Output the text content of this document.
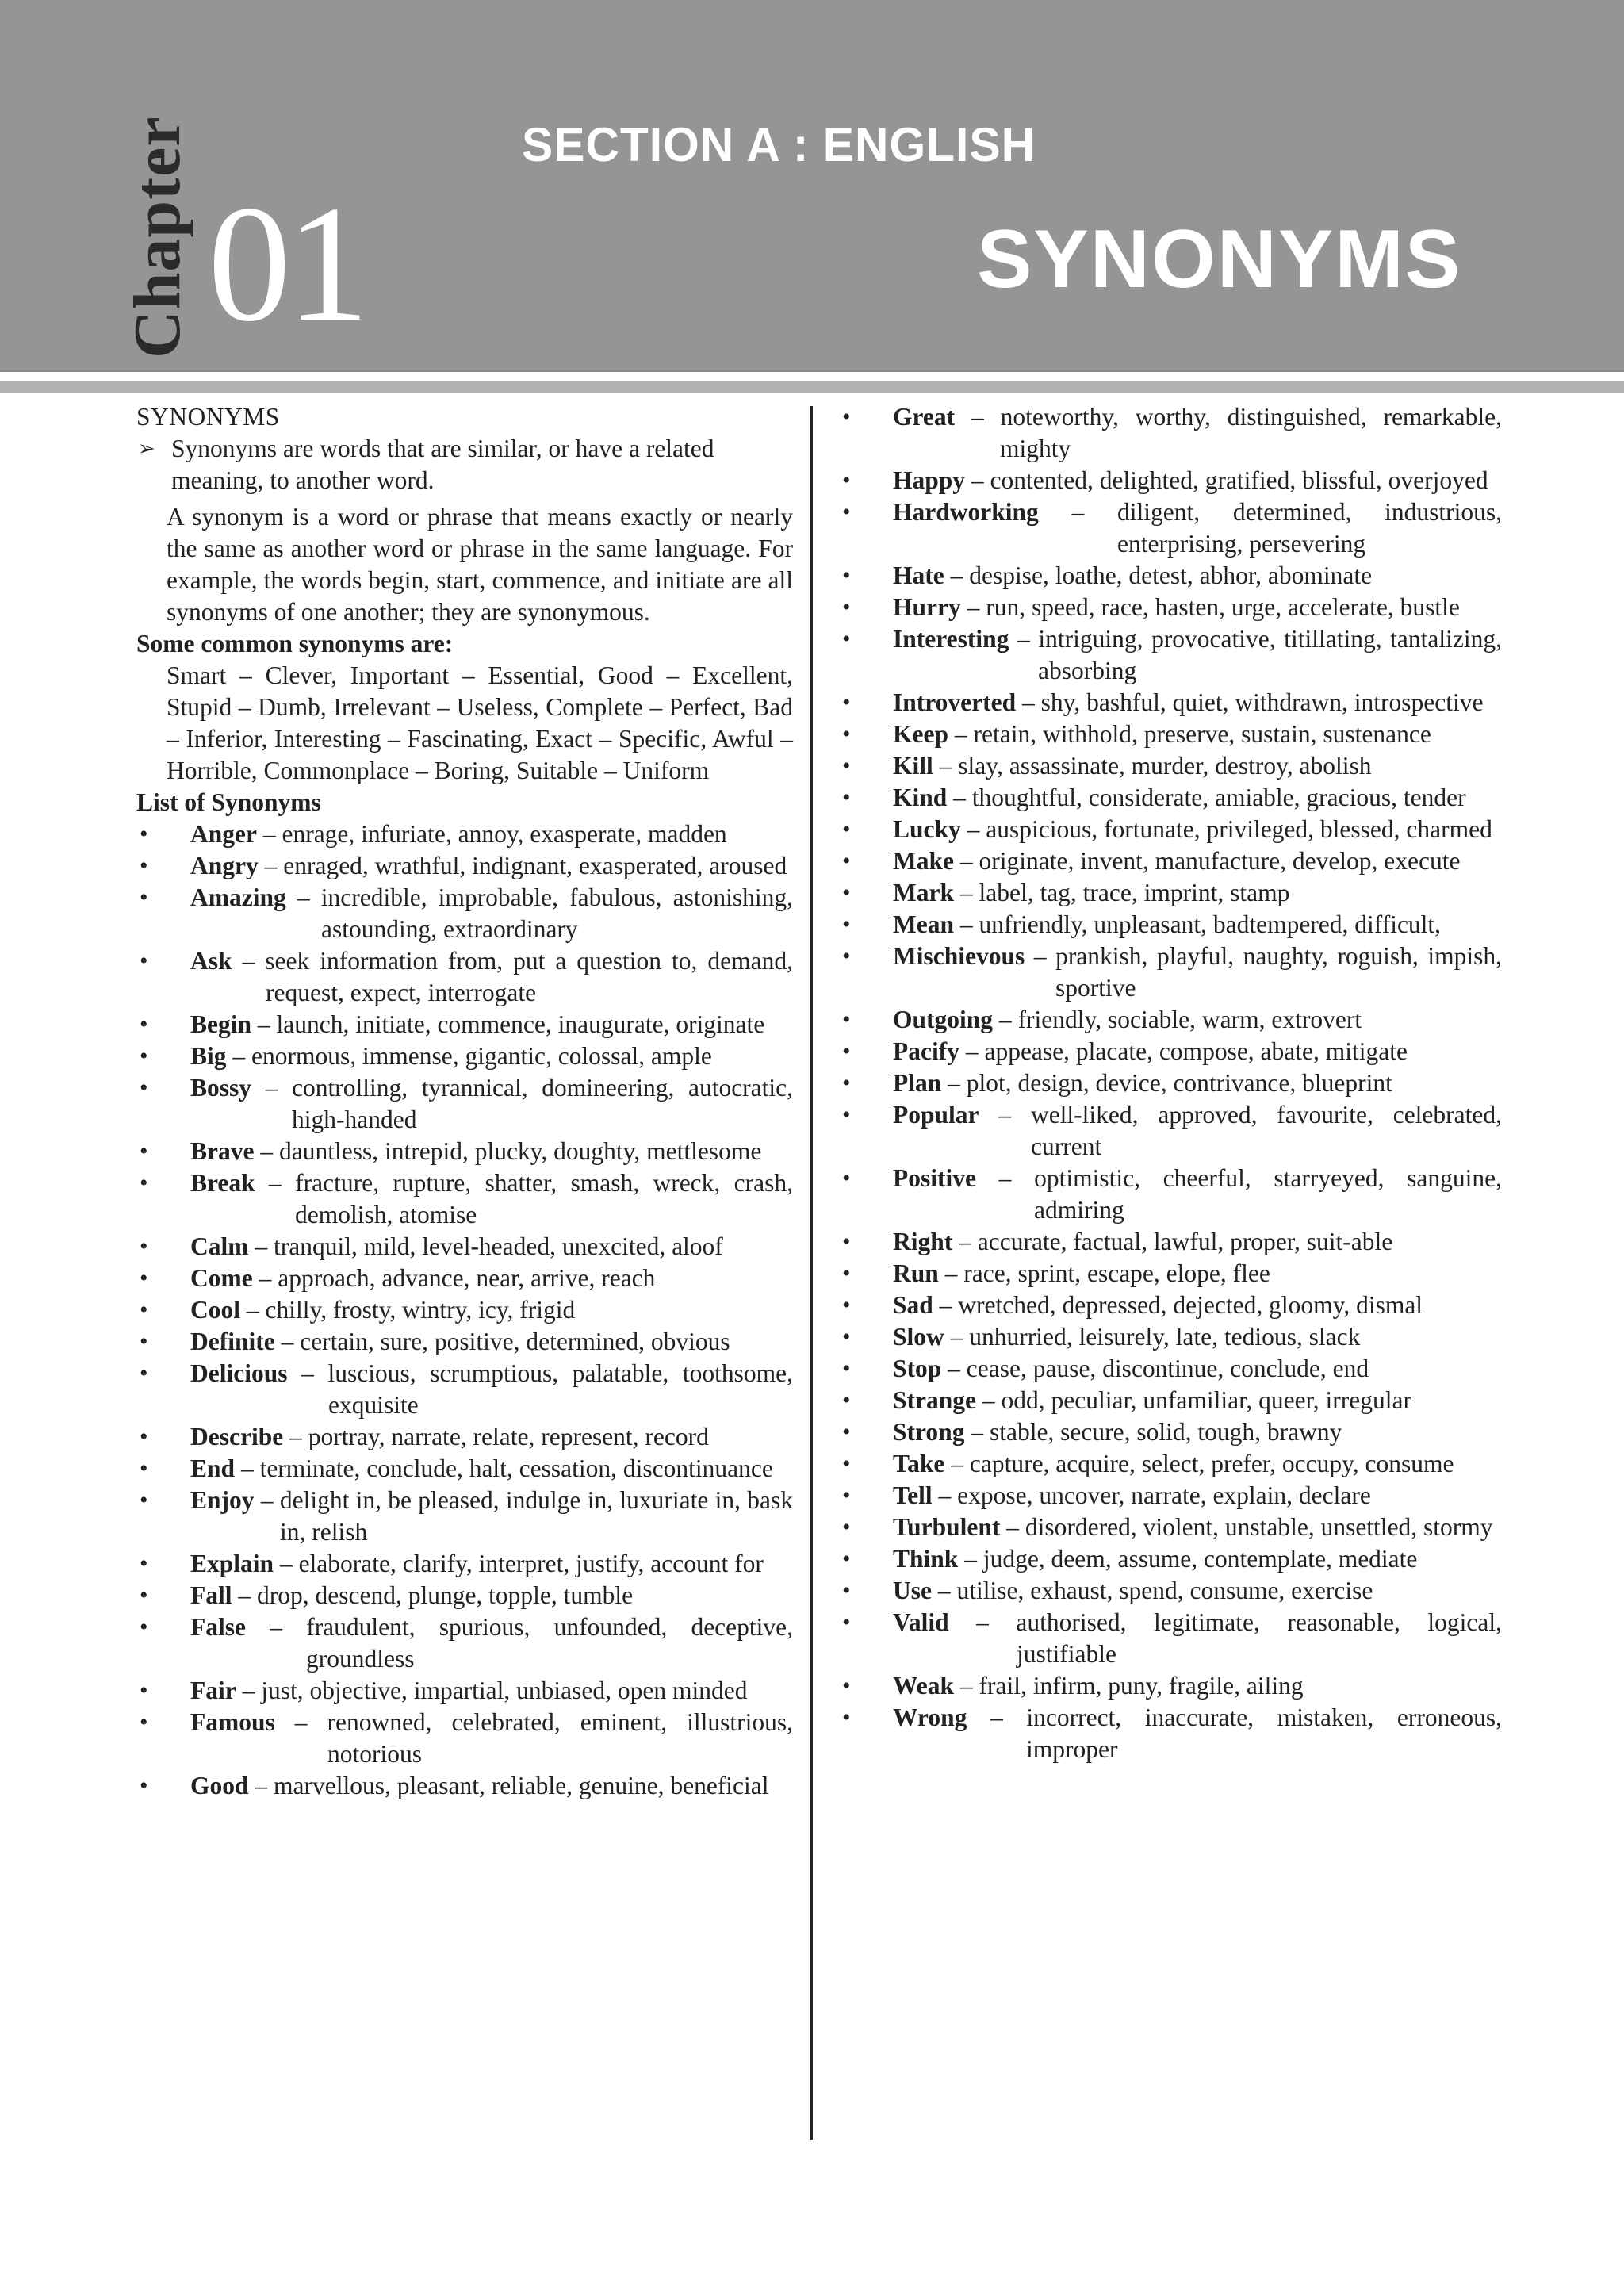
SECTION A : ENGLISH
Chapter 01	SYNONYMS
SYNONYMS
➢ Synonyms are words that are similar, or have a related meaning, to another word.
A synonym is a word or phrase that means exactly or nearly the same as another word or phrase in the same language. For example, the words begin, start, commence, and initiate are all synonyms of one another; they are synonymous.
Some common synonyms are:
Smart – Clever, Important – Essential, Good – Excellent, Stupid – Dumb, Irrelevant – Useless, Complete – Perfect, Bad – Inferior, Interesting – Fascinating, Exact – Specific, Awful – Horrible, Commonplace – Boring, Suitable – Uniform
List of Synonyms
• Anger – enrage, infuriate, annoy, exasperate, madden
• Angry – enraged, wrathful, indignant, exasperated, aroused
• Amazing – incredible, improbable, fabulous, astonishing, astounding, extraordinary
• Ask – seek information from, put a question to, demand, request, expect, interrogate
• Begin – launch, initiate, commence, inaugurate, originate
• Big – enormous, immense, gigantic, colossal, ample
• Bossy – controlling, tyrannical, domineering, autocratic, high-handed
• Brave – dauntless, intrepid, plucky, doughty, mettlesome
• Break – fracture, rupture, shatter, smash, wreck, crash, demolish, atomise
• Calm – tranquil, mild, level-headed, unexcited, aloof
• Come – approach, advance, near, arrive, reach
• Cool – chilly, frosty, wintry, icy, frigid
• Definite – certain, sure, positive, determined, obvious
• Delicious – luscious, scrumptious, palatable, toothsome, exquisite
• Describe – portray, narrate, relate, represent, record
• End – terminate, conclude, halt, cessation, discontinuance
• Enjoy – delight in, be pleased, indulge in, luxuriate in, bask in, relish
• Explain – elaborate, clarify, interpret, justify, account for
• Fall – drop, descend, plunge, topple, tumble
• False – fraudulent, spurious, unfounded, deceptive, groundless
• Fair – just, objective, impartial, unbiased, open minded
• Famous – renowned, celebrated, eminent, illustrious, notorious
• Good – marvellous, pleasant, reliable, genuine, beneficial
• Great – noteworthy, worthy, distinguished, remarkable, mighty
• Happy – contented, delighted, gratified, blissful, overjoyed
• Hardworking – diligent, determined, industrious, enterprising, persevering
• Hate – despise, loathe, detest, abhor, abominate
• Hurry – run, speed, race, hasten, urge, accelerate, bustle
• Interesting – intriguing, provocative, titillating, tantalizing, absorbing
• Introverted – shy, bashful, quiet, withdrawn, introspective
• Keep – retain, withhold, preserve, sustain, sustenance
• Kill – slay, assassinate, murder, destroy, abolish
• Kind – thoughtful, considerate, amiable, gracious, tender
• Lucky – auspicious, fortunate, privileged, blessed, charmed
• Make – originate, invent, manufacture, develop, execute
• Mark – label, tag, trace, imprint, stamp
• Mean – unfriendly, unpleasant, badtempered, difficult,
• Mischievous – prankish, playful, naughty, roguish, impish, sportive
• Outgoing – friendly, sociable, warm, extrovert
• Pacify – appease, placate, compose, abate, mitigate
• Plan – plot, design, device, contrivance, blueprint
• Popular – well-liked, approved, favourite, celebrated, current
• Positive – optimistic, cheerful, starryeyed, sanguine, admiring
• Right – accurate, factual, lawful, proper, suit-able
• Run – race, sprint, escape, elope, flee
• Sad – wretched, depressed, dejected, gloomy, dismal
• Slow – unhurried, leisurely, late, tedious, slack
• Stop – cease, pause, discontinue, conclude, end
• Strange – odd, peculiar, unfamiliar, queer, irregular
• Strong – stable, secure, solid, tough, brawny
• Take – capture, acquire, select, prefer, occupy, consume
• Tell – expose, uncover, narrate, explain, declare
• Turbulent – disordered, violent, unstable, unsettled, stormy
• Think – judge, deem, assume, contemplate, mediate
• Use – utilise, exhaust, spend, consume, exercise
• Valid – authorised, legitimate, reasonable, logical, justifiable
• Weak – frail, infirm, puny, fragile, ailing
• Wrong – incorrect, inaccurate, mistaken, erroneous, improper
